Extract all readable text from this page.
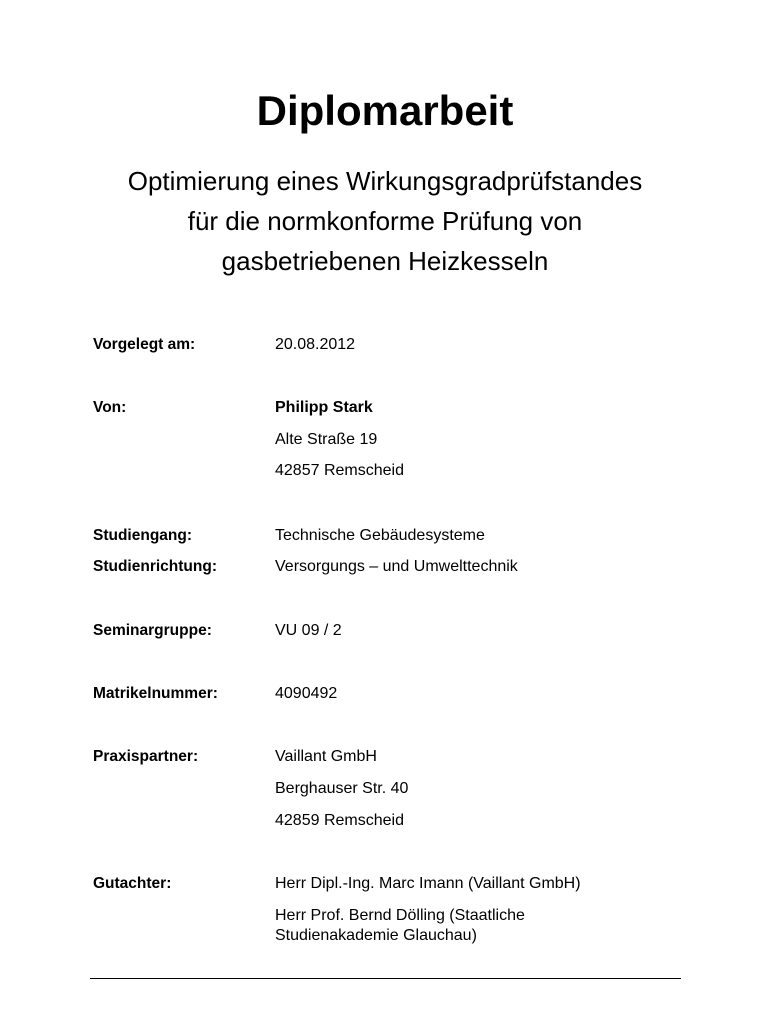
Diplomarbeit
Optimierung eines Wirkungsgradprüfstandes
für die normkonforme Prüfung von
gasbetriebenen Heizkesseln
Vorgelegt am:	20.08.2012
Von:	Philipp Stark
Alte Straße 19
42857 Remscheid
Studiengang:	Technische Gebäudesysteme
Studienrichtung:	Versorgungs – und Umwelttechnik
Seminargruppe:	VU 09 / 2
Matrikelnummer:	4090492
Praxispartner:	Vaillant GmbH
Berghauser Str. 40
42859 Remscheid
Gutachter:	Herr Dipl.-Ing. Marc Imann (Vaillant GmbH)
Herr Prof. Bernd Dölling (Staatliche
Studienakademie Glauchau)
